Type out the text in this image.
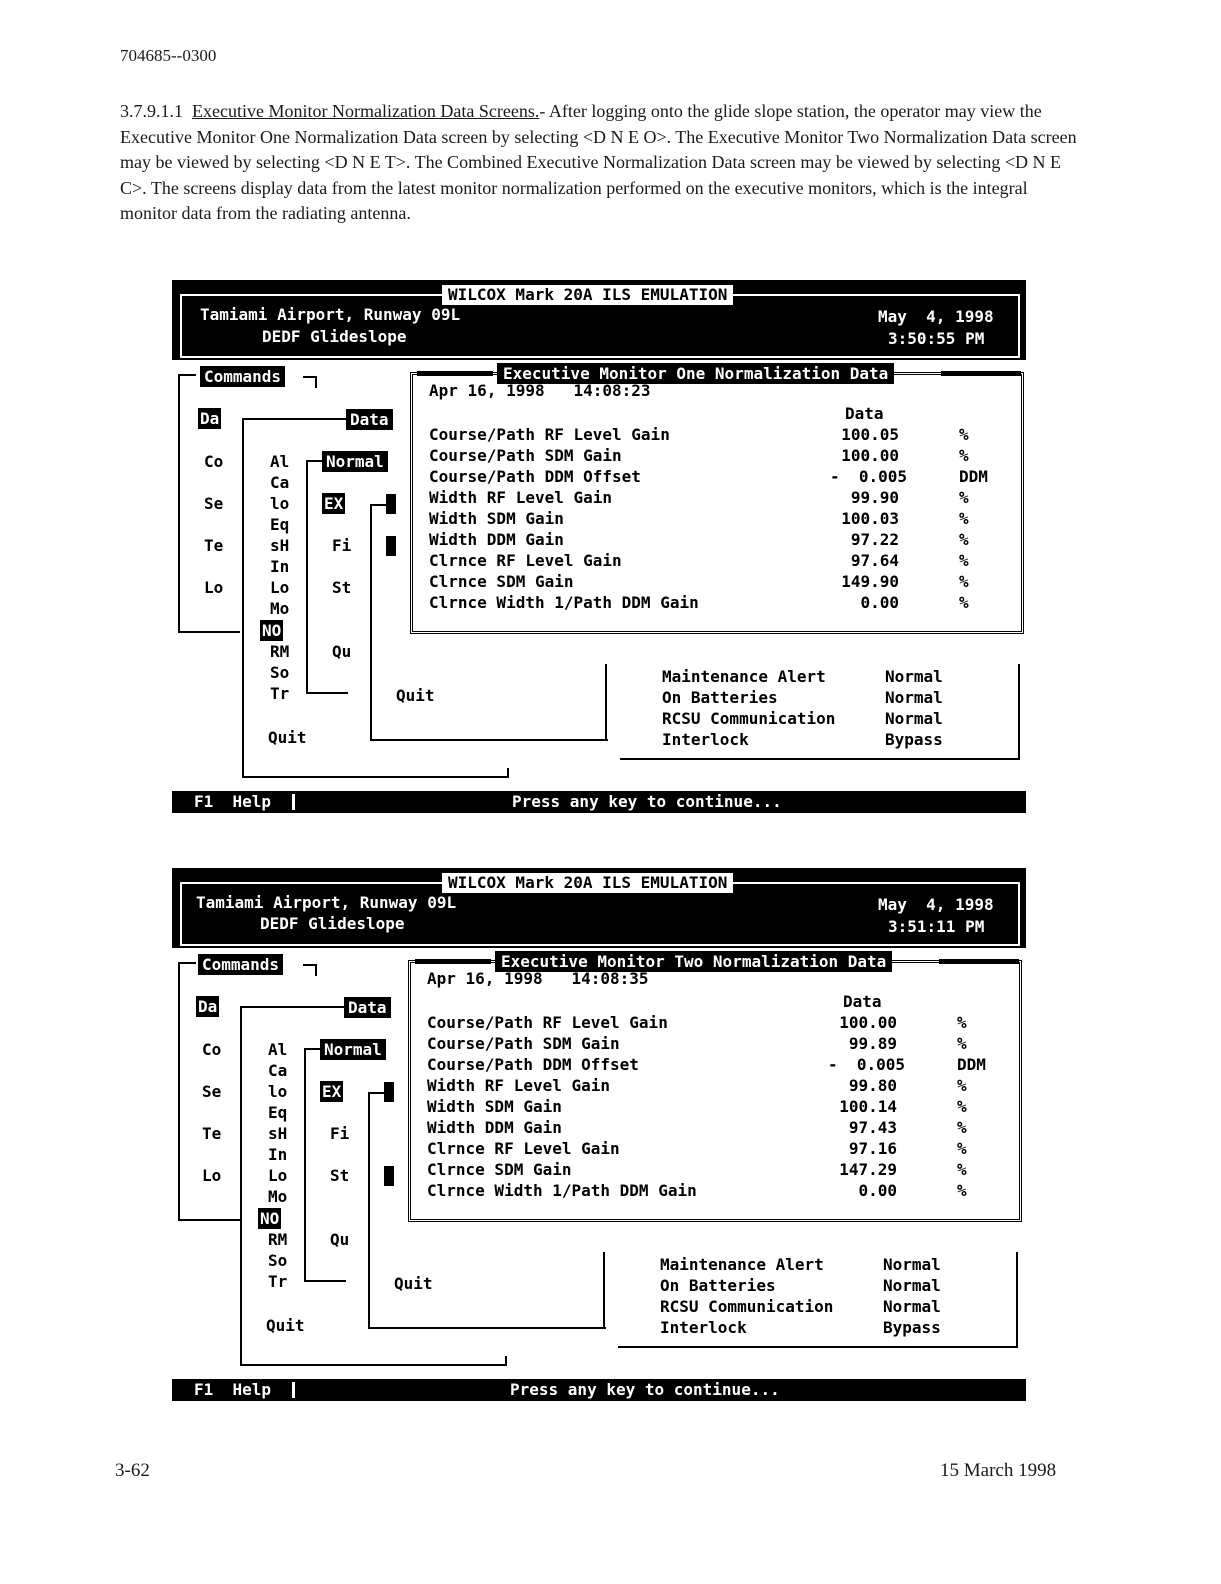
704685--0300
3.7.9.1.1 Executive Monitor Normalization Data Screens.- After logging onto the glide slope station, the operator may view the Executive Monitor One Normalization Data screen by selecting <D N E O>. The Executive Monitor Two Normalization Data screen may be viewed by selecting <D N E T>. The Combined Executive Normalization Data screen may be viewed by selecting <D N E C>. The screens display data from the latest monitor normalization performed on the executive monitors, which is the integral monitor data from the radiating antenna.
WILCOX Mark 20A ILS EMULATION
Tamiami Airport, Runway 09L
DEDF Glideslope
May  4, 1998
3:50:55 PM
Commands
Da
Co
Se
Te
Lo
Data
Al
Ca
lo
Eq
sH
In
Lo
Mo
NO
RM
So
Tr
Quit
Normal
EX
Fi
St
Qu
Quit
Maintenance Alert	Normal
On Batteries	Normal
RCSU Communication	Normal
Interlock	Bypass
Executive Monitor One Normalization Data
Apr 16, 1998   14:08:23
Data
Course/Path RF Level Gain	100.05	%
Course/Path SDM Gain	100.00	%
Course/Path DDM Offset	-  0.005	DDM
Width RF Level Gain	99.90	%
Width SDM Gain	100.03	%
Width DDM Gain	97.22	%
Clrnce RF Level Gain	97.64	%
Clrnce SDM Gain	149.90	%
Clrnce Width 1/Path DDM Gain	0.00	%
F1  Help	Press any key to continue...
WILCOX Mark 20A ILS EMULATION
Tamiami Airport, Runway 09L
DEDF Glideslope
May  4, 1998
3:51:11 PM
Commands
Da
Co
Se
Te
Lo
Data
Al
Ca
lo
Eq
sH
In
Lo
Mo
NO
RM
So
Tr
Quit
Normal
EX
Fi
St
Qu
Quit
Maintenance Alert	Normal
On Batteries	Normal
RCSU Communication	Normal
Interlock	Bypass
Executive Monitor Two Normalization Data
Apr 16, 1998   14:08:35
Data
Course/Path RF Level Gain	100.00	%
Course/Path SDM Gain	99.89	%
Course/Path DDM Offset	-  0.005	DDM
Width RF Level Gain	99.80	%
Width SDM Gain	100.14	%
Width DDM Gain	97.43	%
Clrnce RF Level Gain	97.16	%
Clrnce SDM Gain	147.29	%
Clrnce Width 1/Path DDM Gain	0.00	%
F1  Help	Press any key to continue...
3-62	15 March 1998
